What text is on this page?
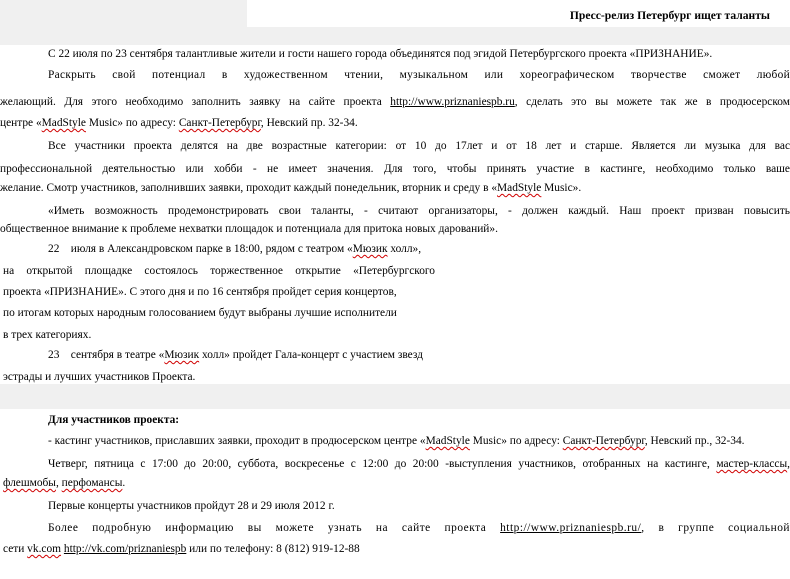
Пресс-релиз Петербург ищет таланты
С 22 июля по 23 сентября талантливые жители и гости нашего города объединятся под эгидой Петербургского проекта «ПРИЗНАНИЕ».
Раскрыть свой потенциал в художественном чтении, музыкальном или хореографическом творчестве сможет любой
желающий. Для этого необходимо заполнить заявку на сайте проекта http://www.priznaniespb.ru, сделать это вы можете так же в продюсерском
центре «MadStyle Music» по адресу: Санкт-Петербург, Невский пр. 32-34.
Все участники проекта делятся на две возрастные категории: от 10 до 17лет и от 18 лет и старше. Является ли музыка для вас
профессиональной деятельностью или хобби - не имеет значения. Для того, чтобы принять участие в кастинге, необходимо только ваше
желание. Смотр участников, заполнивших заявки, проходит каждый понедельник, вторник и среду в «MadStyle Music».
«Иметь возможность продемонстрировать свои таланты, - считают организаторы, - должен каждый. Наш проект призван повысить
общественное внимание к проблеме нехватки площадок и потенциала для притока новых дарований».
22    июля в Александровском парке в 18:00, рядом с театром «Мюзик холл»,
на открытой площадке состоялось торжественное открытие «Петербургского
проекта «ПРИЗНАНИЕ». С этого дня и по 16 сентября пройдет серия концертов,
по итогам которых народным голосованием будут выбраны лучшие исполнители
в трех категориях.
23    сентября в театре «Мюзик холл» пройдет Гала-концерт с участием звезд
эстрады и лучших участников Проекта.
Для участников проекта:
- кастинг участников, приславших заявки, проходит в продюсерском центре «MadStyle Music» по адресу: Санкт-Петербург, Невский пр., 32-34.
Четверг, пятница с 17:00 до 20:00, суббота, воскресенье с 12:00 до 20:00 -выступления участников, отобранных на кастинге, мастер-классы,
флешмобы, перфомансы.
Первые концерты участников пройдут 28 и 29 июля 2012 г.
Более подробную информацию вы можете узнать на сайте проекта http://www.priznaniespb.ru/, в группе социальной
сети vk.com http://vk.com/priznaniespb или по телефону: 8 (812) 919-12-88
